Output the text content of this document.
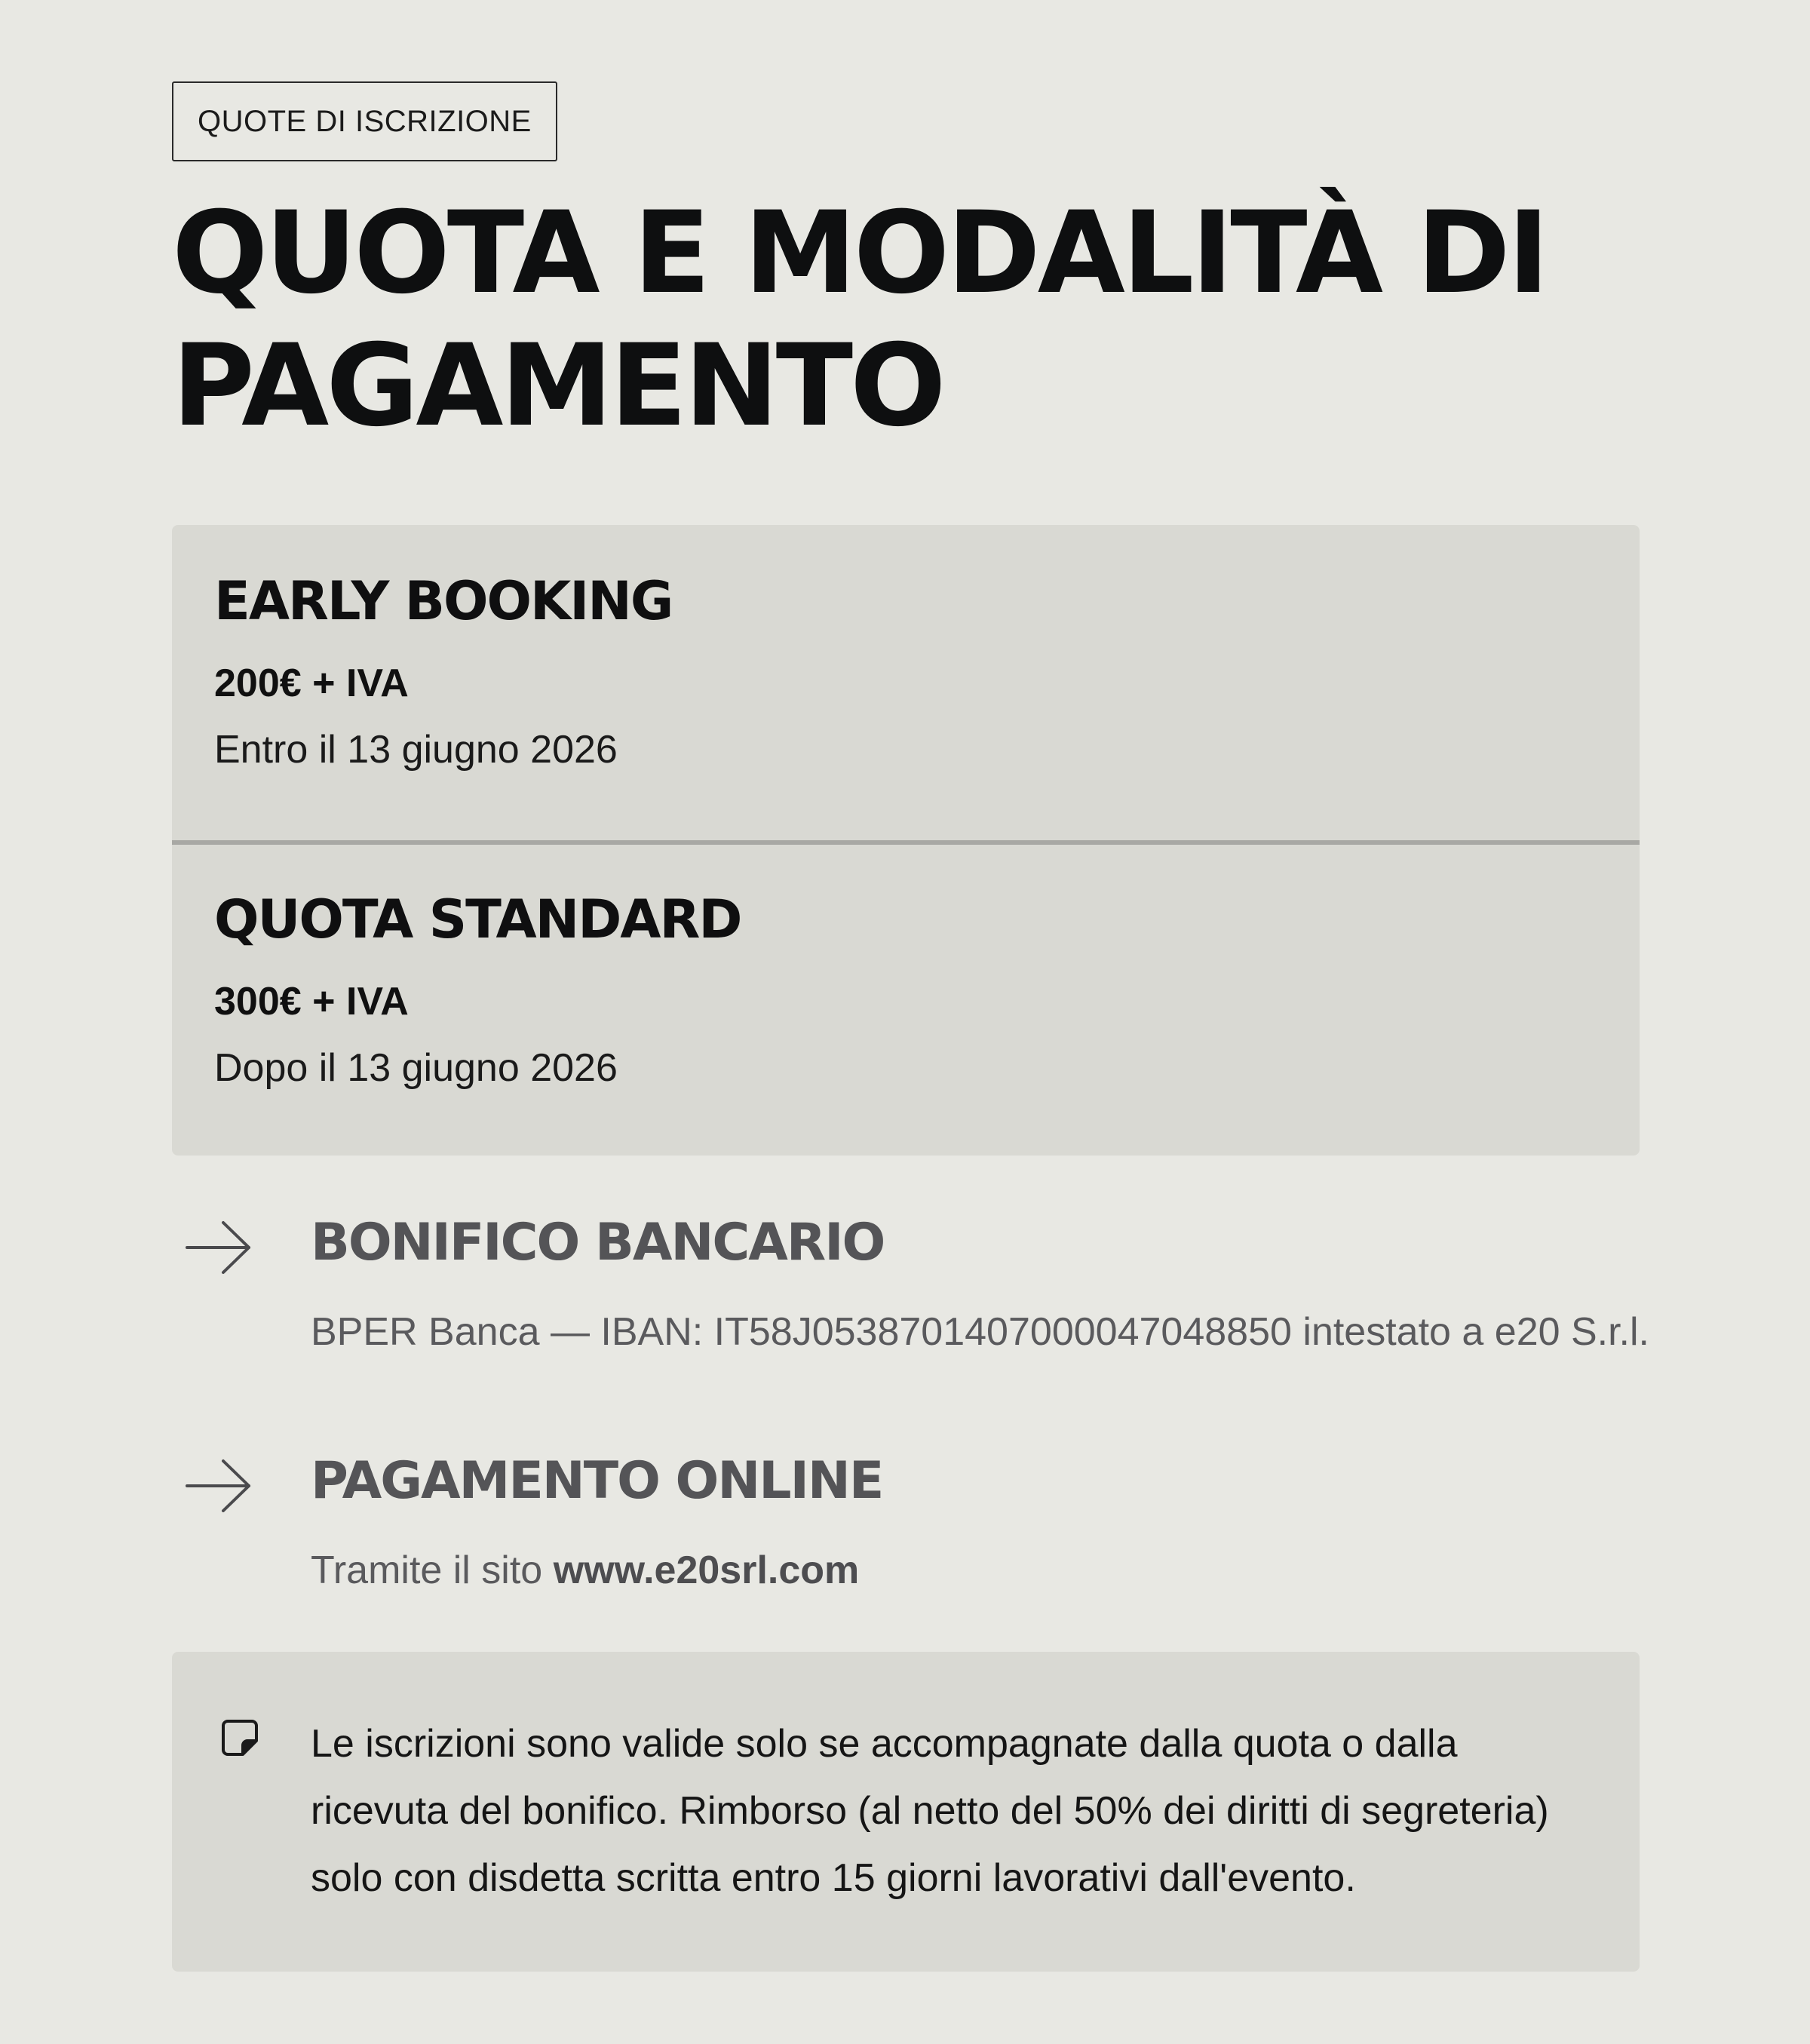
QUOTE DI ISCRIZIONE
QUOTA E MODALITÀ DI PAGAMENTO
EARLY BOOKING
200€ + IVA
Entro il 13 giugno 2026
QUOTA STANDARD
300€ + IVA
Dopo il 13 giugno 2026
BONIFICO BANCARIO
BPER Banca — IBAN: IT58J0538701407000047048850 intestato a e20 S.r.l.
PAGAMENTO ONLINE
Tramite il sito www.e20srl.com

Le iscrizioni sono valide solo se accompagnate dalla quota o dalla ricevuta del bonifico. Rimborso (al netto del 50% dei diritti di segreteria) solo con disdetta scritta entro 15 giorni lavorativi dall'evento.
